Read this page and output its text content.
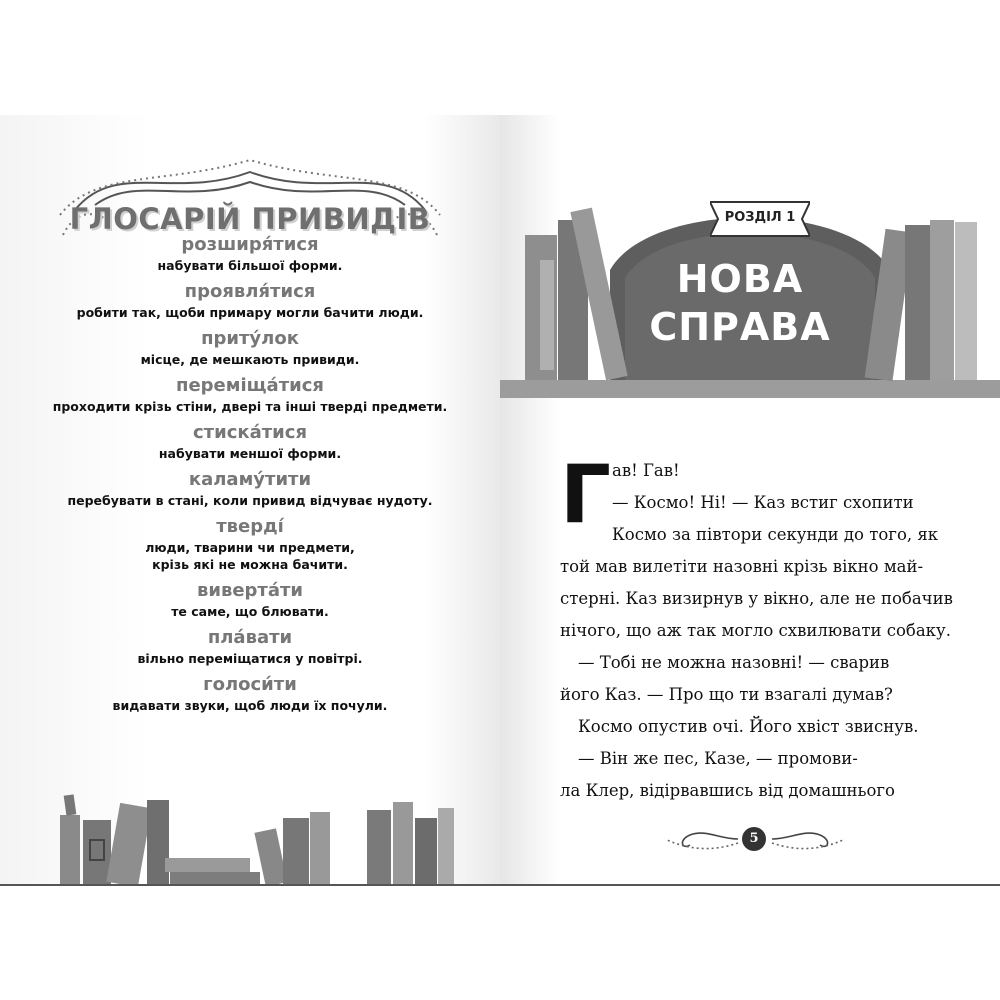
ГЛОСАРІЙ ПРИВИДІВ
розширя́тися
набувати більшої форми.
проявля́тися
робити так, щоби примару могли бачити люди.
приту́лок
місце, де мешкають привиди.
переміща́тися
проходити крізь стіни, двері та інші тверді предмети.
стиска́тися
набувати меншої форми.
каламу́тити
перебувати в стані, коли привид відчуває нудоту.
тверді́
люди, тварини чи предмети,
крізь які не можна бачити.
вивертáти
те саме, що блювати.
пла́вати
вільно переміщатися у повітрі.
голоси́ти
видавати звуки, щоб люди їх почули.
РОЗДІЛ 1
НОВА
СПРАВА
Г ав! Гав!
— Космо! Ні! — Каз встиг схопити
Космо за півтори секунди до того, як
той мав вилетіти назовні крізь вікно май-
стерні. Каз визирнув у вікно, але не побачив
нічого, що аж так могло схвилювати собаку.
— Тобі не можна назовні! — сварив
його Каз. — Про що ти взагалі думав?
Космо опустив очі. Його хвіст звиснув.
— Він же пес, Казе, — промови-
ла Клер, відірвавшись від домашнього
5
